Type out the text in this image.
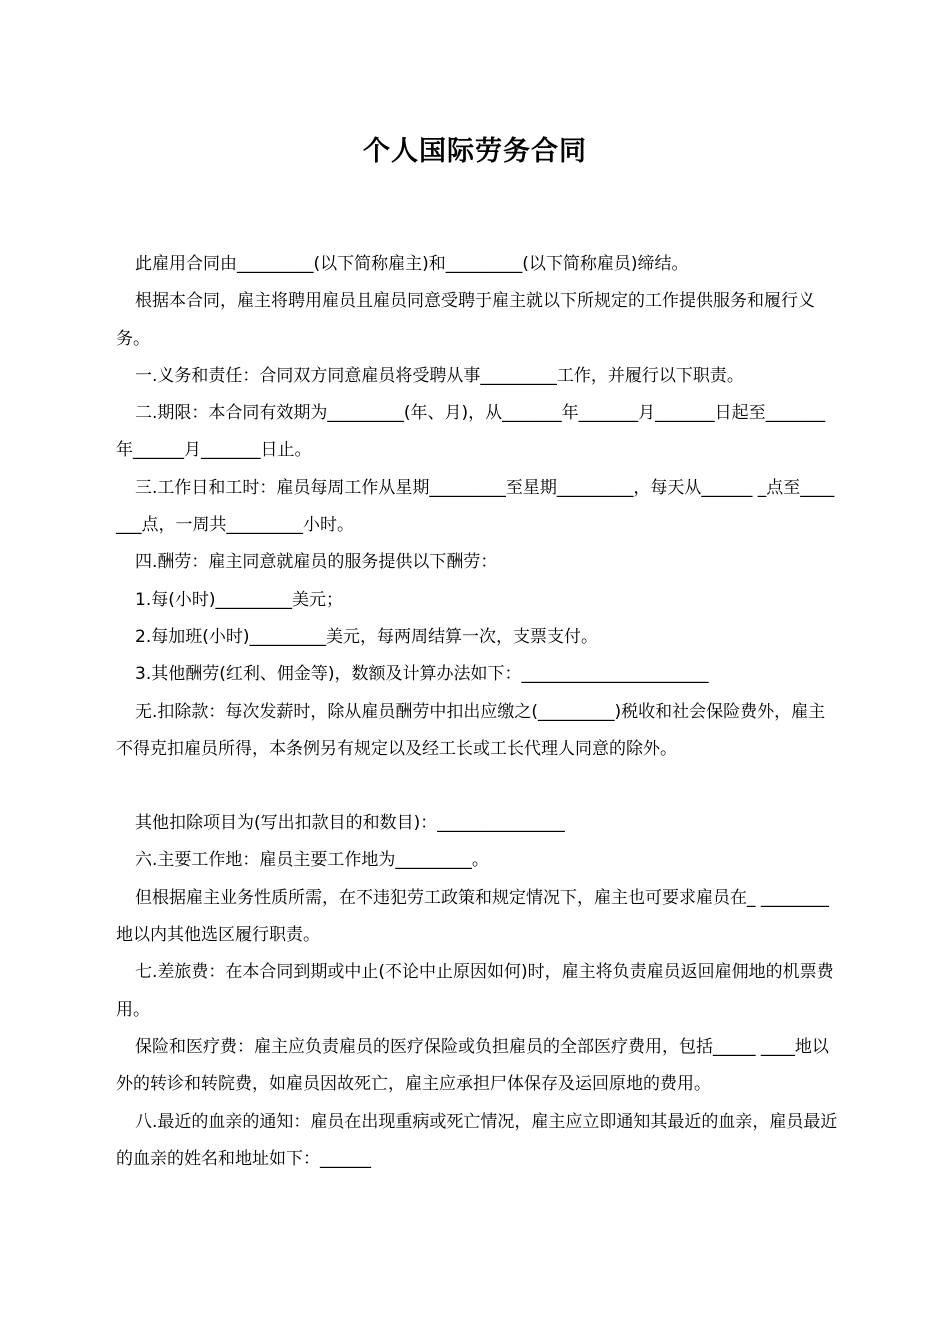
个人国际劳务合同

此雇用合同由_________(以下简称雇主)和_________(以下简称雇员)缔结。

根据本合同，雇主将聘用雇员且雇员同意受聘于雇主就以下所规定的工作提供服务和履行义务。

一.义务和责任：合同双方同意雇员将受聘从事_________工作，并履行以下职责。

二.期限：本合同有效期为_________(年、月)，从_______年_______月_______日起至_______年______月_______日止。

三.工作日和工时：雇员每周工作从星期_________至星期_________，每天从______ _点至_______点，一周共_________小时。

四.酬劳：雇主同意就雇员的服务提供以下酬劳：

1.每(小时)_________美元；

2.每加班(小时)_________美元，每两周结算一次，支票支付。

3.其他酬劳(红利、佣金等)，数额及计算办法如下：______________________

无.扣除款：每次发薪时，除从雇员酬劳中扣出应缴之(_________)税收和社会保险费外，雇主不得克扣雇员所得，本条例另有规定以及经工长或工长代理人同意的除外。

其他扣除项目为(写出扣款目的和数目)：_______________

六.主要工作地：雇员主要工作地为_________。

但根据雇主业务性质所需，在不违犯劳工政策和规定情况下，雇主也可要求雇员在_ ________地以内其他选区履行职责。

七.差旅费：在本合同到期或中止(不论中止原因如何)时，雇主将负责雇员返回雇佣地的机票费用。

保险和医疗费：雇主应负责雇员的医疗保险或负担雇员的全部医疗费用，包括_____ ____地以外的转诊和转院费，如雇员因故死亡，雇主应承担尸体保存及运回原地的费用。

八.最近的血亲的通知：雇员在出现重病或死亡情况，雇主应立即通知其最近的血亲，雇员最近的血亲的姓名和地址如下：______
